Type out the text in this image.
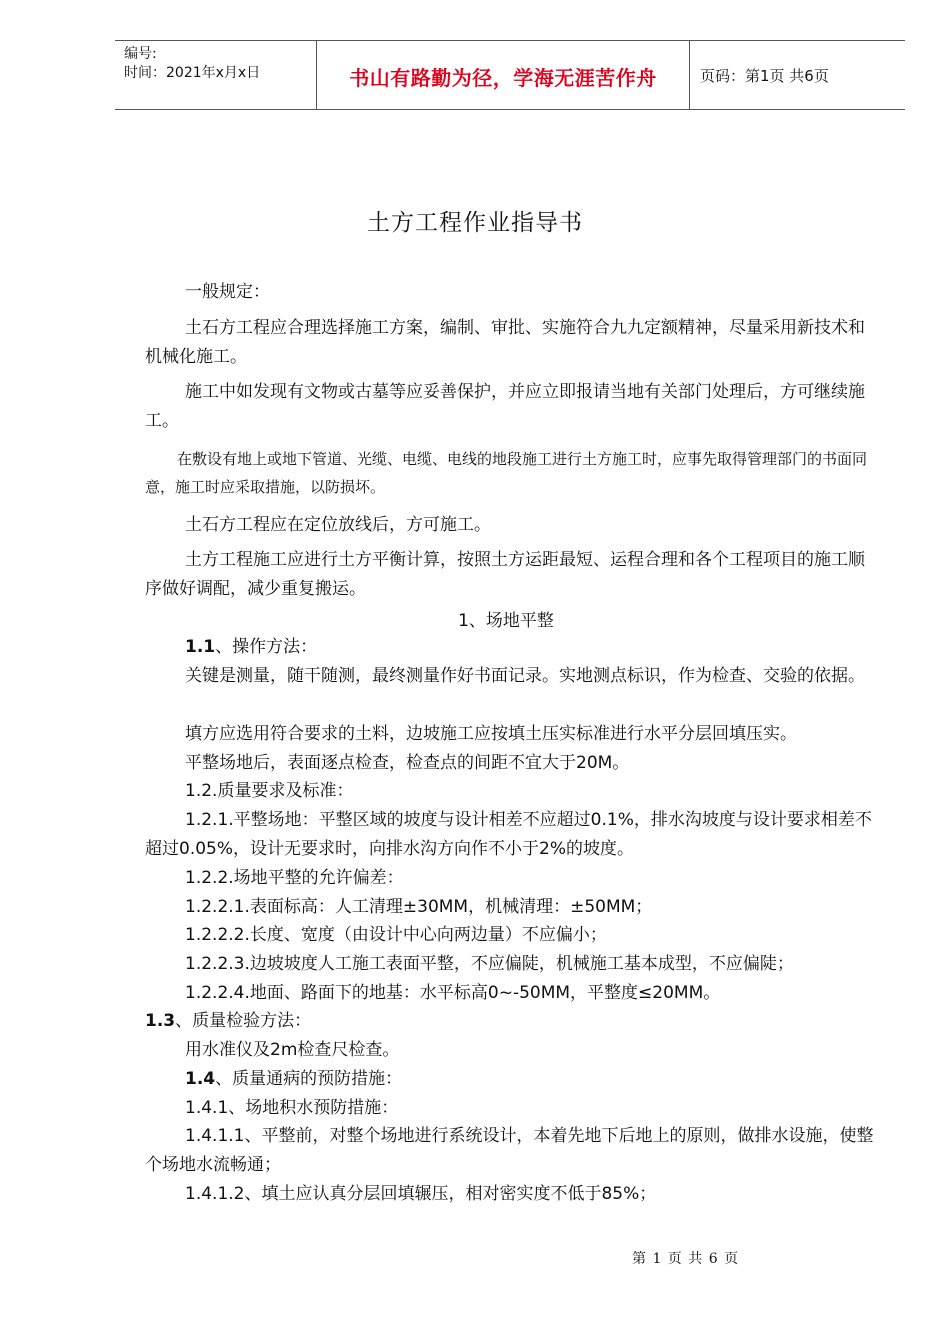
编号:
时间：2021年x月x日	书山有路勤为径，学海无涯苦作舟	页码：第1页 共6页
土方工程作业指导书
一般规定：
土石方工程应合理选择施工方案，编制、审批、实施符合九九定额精神，尽量采用新技术和机械化施工。
施工中如发现有文物或古墓等应妥善保护，并应立即报请当地有关部门处理后，方可继续施工。
在敷设有地上或地下管道、光缆、电缆、电线的地段施工进行土方施工时，应事先取得管理部门的书面同意，施工时应采取措施，以防损坏。
土石方工程应在定位放线后，方可施工。
土方工程施工应进行土方平衡计算，按照土方运距最短、运程合理和各个工程项目的施工顺序做好调配，减少重复搬运。
1、场地平整
1.1、操作方法：
关键是测量，随干随测，最终测量作好书面记录。实地测点标识，作为检查、交验的依据。
填方应选用符合要求的土料，边坡施工应按填土压实标准进行水平分层回填压实。
平整场地后，表面逐点检查，检查点的间距不宜大于20M。
1.2.质量要求及标准：
1.2.1.平整场地：平整区域的坡度与设计相差不应超过0.1%，排水沟坡度与设计要求相差不超过0.05%，设计无要求时，向排水沟方向作不小于2%的坡度。
1.2.2.场地平整的允许偏差：
1.2.2.1.表面标高：人工清理±30MM，机械清理：±50MM；
1.2.2.2.长度、宽度（由设计中心向两边量）不应偏小；
1.2.2.3.边坡坡度人工施工表面平整，不应偏陡，机械施工基本成型，不应偏陡；
1.2.2.4.地面、路面下的地基：水平标高0~-50MM，平整度≤20MM。
1.3、质量检验方法：
用水准仪及2m检查尺检查。
1.4、质量通病的预防措施：
1.4.1、场地积水预防措施：
1.4.1.1、平整前，对整个场地进行系统设计，本着先地下后地上的原则，做排水设施，使整个场地水流畅通；
1.4.1.2、填土应认真分层回填辗压，相对密实度不低于85%；
第 1 页 共 6 页
